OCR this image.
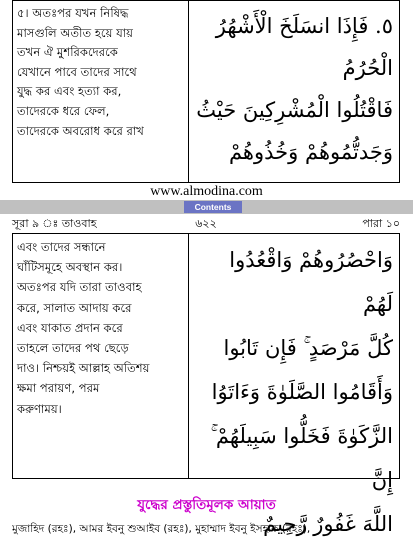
৫। অতঃপর যখন নিষিদ্ধ
মাসগুলি অতীত হয়ে যায়
তখন ঐ মুশরিকদেরকে
যেখানে পাবে তাদের সাথে
যুদ্ধ কর এবং হত্যা কর,
তাদেরকে ধরে ফেল,
তাদেরকে অবরোধ করে রাখ
٥. فَإِذَا انسَلَخَ الْأَشْهُرُ الْحُرُمُ
فَاقْتُلُوا الْمُشْرِكِينَ حَيْثُ
وَجَدتُّمُوهُمْ وَخُذُوهُمْ
www.almodina.com
Contents
সূরা ৯ ঃ তাওবাহ	৬২২	পারা ১০
এবং তাদের সন্ধানে
ঘাঁটিসমূহে অবস্থান কর।
অতঃপর যদি তারা তাওবাহ
করে, সালাত আদায় করে
এবং যাকাত প্রদান করে
তাহলে তাদের পথ ছেড়ে
দাও। নিশ্চয়ই আল্লাহ অতিশয়
ক্ষমা পরায়ণ, পরম
করুণাময়।
وَاحْصُرُوهُمْ وَاقْعُدُوا لَهُمْ
كُلَّ مَرْصَدٍ ۚ فَإِن تَابُوا
وَأَقَامُوا الصَّلَوٰةَ وَءَاتَوُا
الزَّكَوٰةَ فَخَلُّوا سَبِيلَهُمْ ۚ إِنَّ
اللَّهَ غَفُورٌ رَّحِيمٌ
যুদ্ধের প্রস্তুতিমূলক আয়াত
মুজাহিদ (রহঃ), আমর ইবনু শুআইব (রহঃ), মুহাম্মাদ ইবনু ইসহাক (রহঃ),
